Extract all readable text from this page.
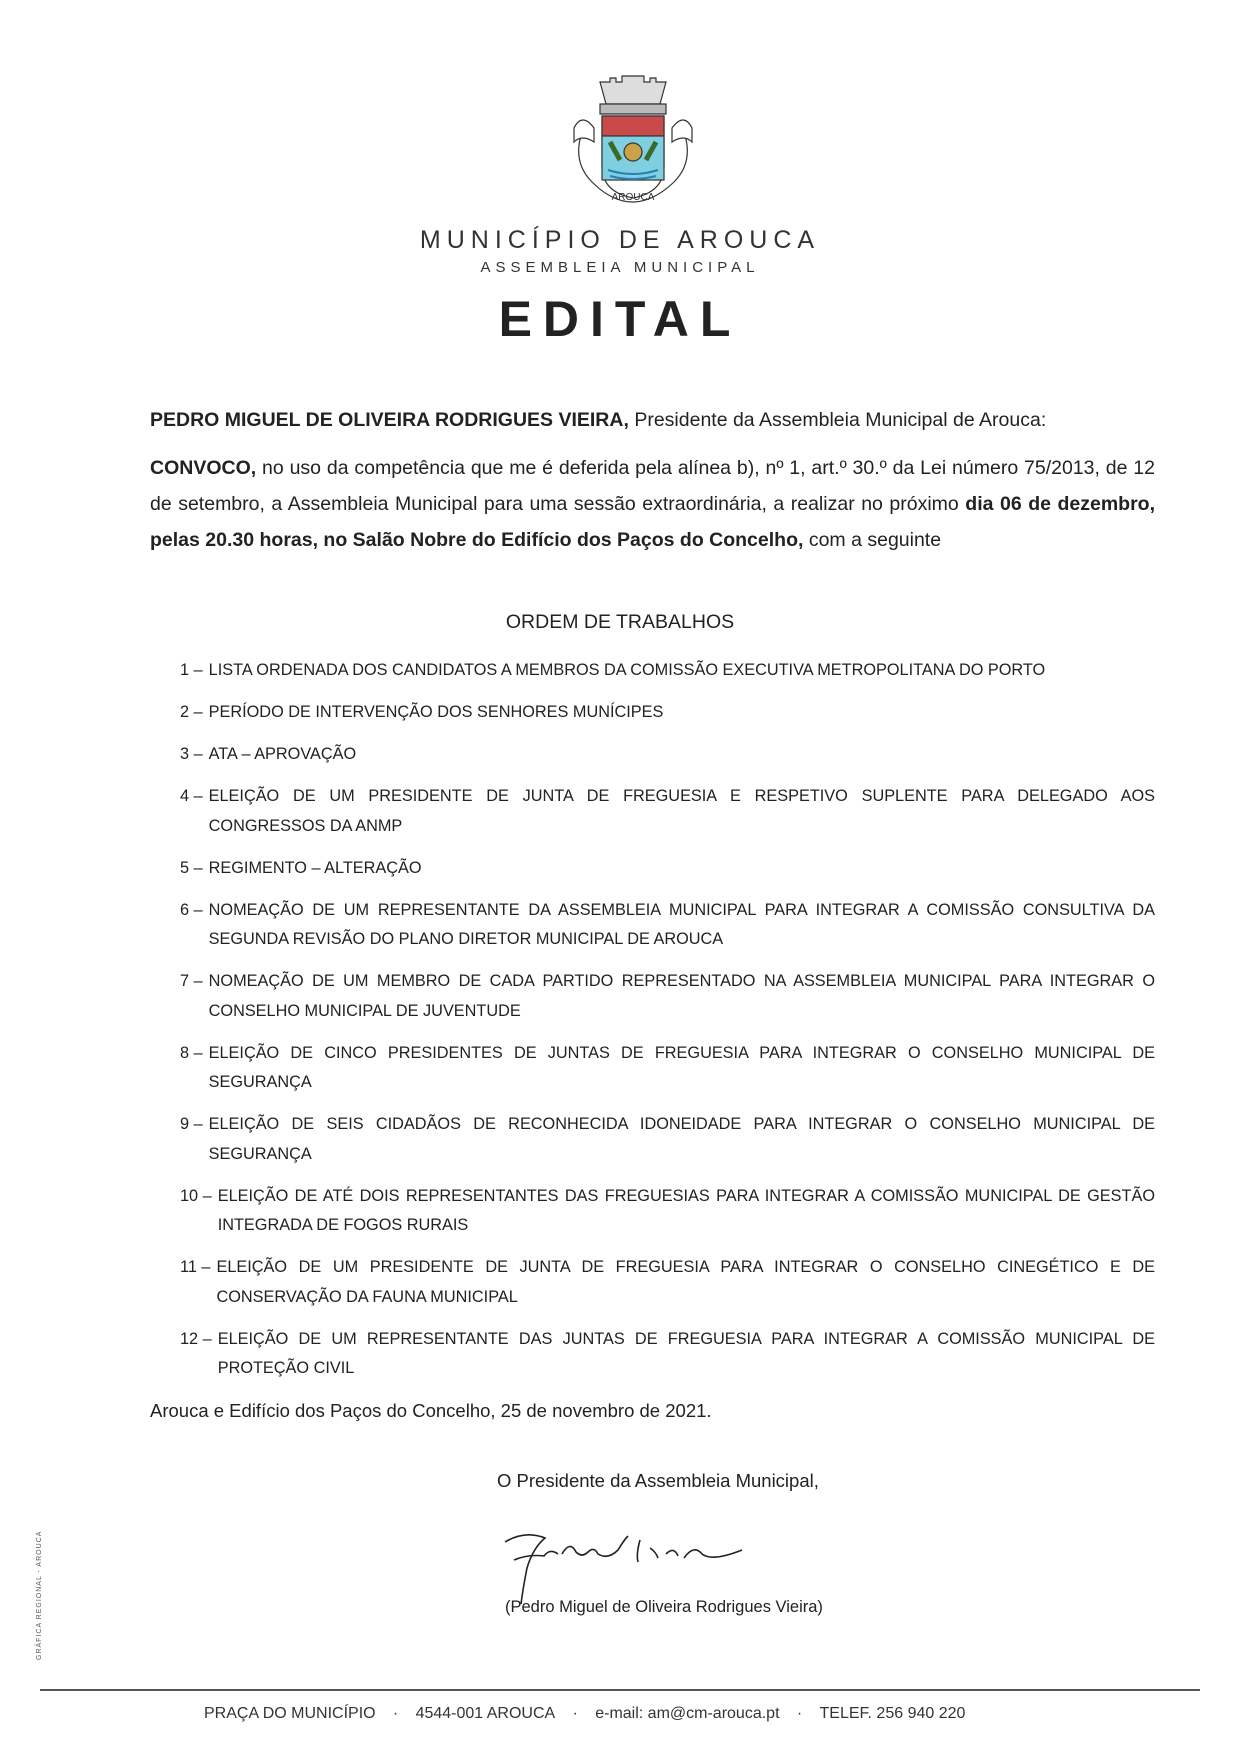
AROUCA
MUNICÍPIO DE AROUCA
ASSEMBLEIA MUNICIPAL
EDITAL

PEDRO MIGUEL DE OLIVEIRA RODRIGUES VIEIRA, Presidente da Assembleia Municipal de Arouca:

CONVOCO, no uso da competência que me é deferida pela alínea b), nº 1, art.º 30.º da Lei número 75/2013, de 12 de setembro, a Assembleia Municipal para uma sessão extraordinária, a realizar no próximo dia 06 de dezembro, pelas 20.30 horas, no Salão Nobre do Edifício dos Paços do Concelho, com a seguinte

ORDEM DE TRABALHOS
1 – LISTA ORDENADA DOS CANDIDATOS A MEMBROS DA COMISSÃO EXECUTIVA METROPOLITANA DO PORTO
2 – PERÍODO DE INTERVENÇÃO DOS SENHORES MUNÍCIPES
3 – ATA – APROVAÇÃO
4 – ELEIÇÃO DE UM PRESIDENTE DE JUNTA DE FREGUESIA E RESPETIVO SUPLENTE PARA DELEGADO AOS CONGRESSOS DA ANMP
5 – REGIMENTO – ALTERAÇÃO
6 – NOMEAÇÃO DE UM REPRESENTANTE DA ASSEMBLEIA MUNICIPAL PARA INTEGRAR A COMISSÃO CONSULTIVA DA SEGUNDA REVISÃO DO PLANO DIRETOR MUNICIPAL DE AROUCA
7 – NOMEAÇÃO DE UM MEMBRO DE CADA PARTIDO REPRESENTADO NA ASSEMBLEIA MUNICIPAL PARA INTEGRAR O CONSELHO MUNICIPAL DE JUVENTUDE
8 – ELEIÇÃO DE CINCO PRESIDENTES DE JUNTAS DE FREGUESIA PARA INTEGRAR O CONSELHO MUNICIPAL DE SEGURANÇA
9 – ELEIÇÃO DE SEIS CIDADÃOS DE RECONHECIDA IDONEIDADE PARA INTEGRAR O CONSELHO MUNICIPAL DE SEGURANÇA
10 – ELEIÇÃO DE ATÉ DOIS REPRESENTANTES DAS FREGUESIAS PARA INTEGRAR A COMISSÃO MUNICIPAL DE GESTÃO INTEGRADA DE FOGOS RURAIS
11 – ELEIÇÃO DE UM PRESIDENTE DE JUNTA DE FREGUESIA PARA INTEGRAR O CONSELHO CINEGÉTICO E DE CONSERVAÇÃO DA FAUNA MUNICIPAL
12 – ELEIÇÃO DE UM REPRESENTANTE DAS JUNTAS DE FREGUESIA PARA INTEGRAR A COMISSÃO MUNICIPAL DE PROTEÇÃO CIVIL
Arouca e Edifício dos Paços do Concelho, 25 de novembro de 2021.
O Presidente da Assembleia Municipal,
(Pedro Miguel de Oliveira Rodrigues Vieira)
GRÁFICA REGIONAL - AROUCA
PRAÇA DO MUNICÍPIO · 4544-001 AROUCA · e-mail: am@cm-arouca.pt · TELEF. 256 940 220
